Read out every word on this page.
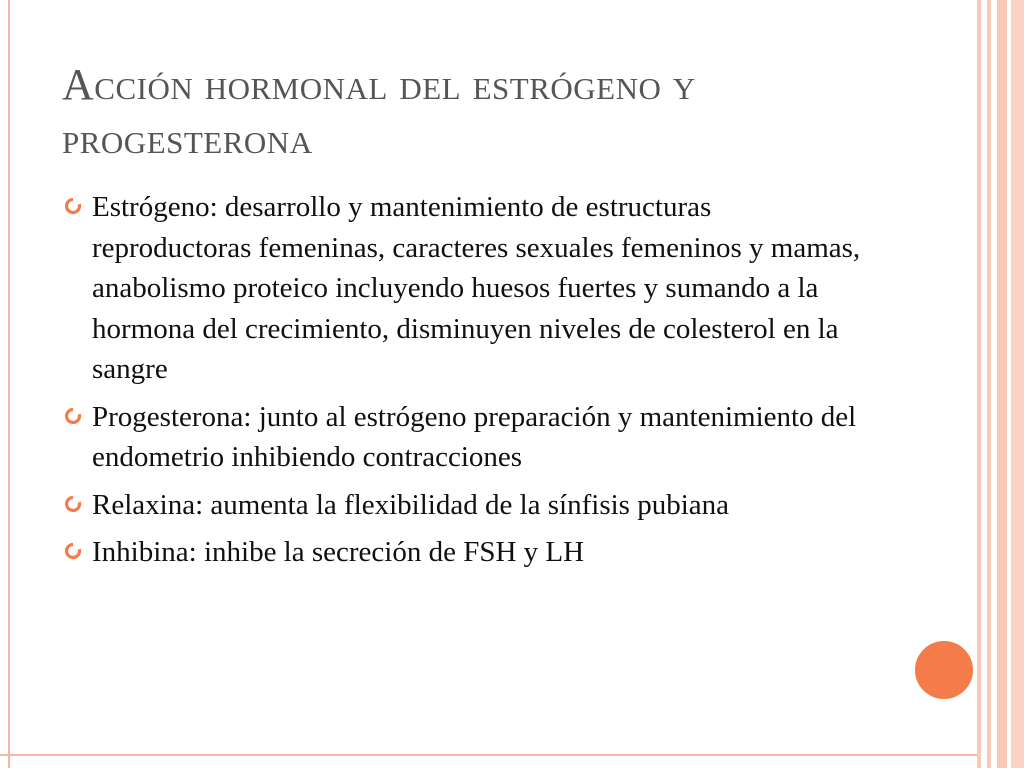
Acción hormonal del estrógeno y progesterona
Estrógeno: desarrollo y mantenimiento de estructuras reproductoras femeninas, caracteres sexuales femeninos y mamas, anabolismo proteico incluyendo huesos fuertes y sumando a la hormona del crecimiento, disminuyen niveles de colesterol en la sangre
Progesterona: junto al estrógeno preparación y mantenimiento del endometrio inhibiendo contracciones
Relaxina: aumenta la flexibilidad de la sínfisis pubiana
Inhibina: inhibe la secreción de FSH y LH
